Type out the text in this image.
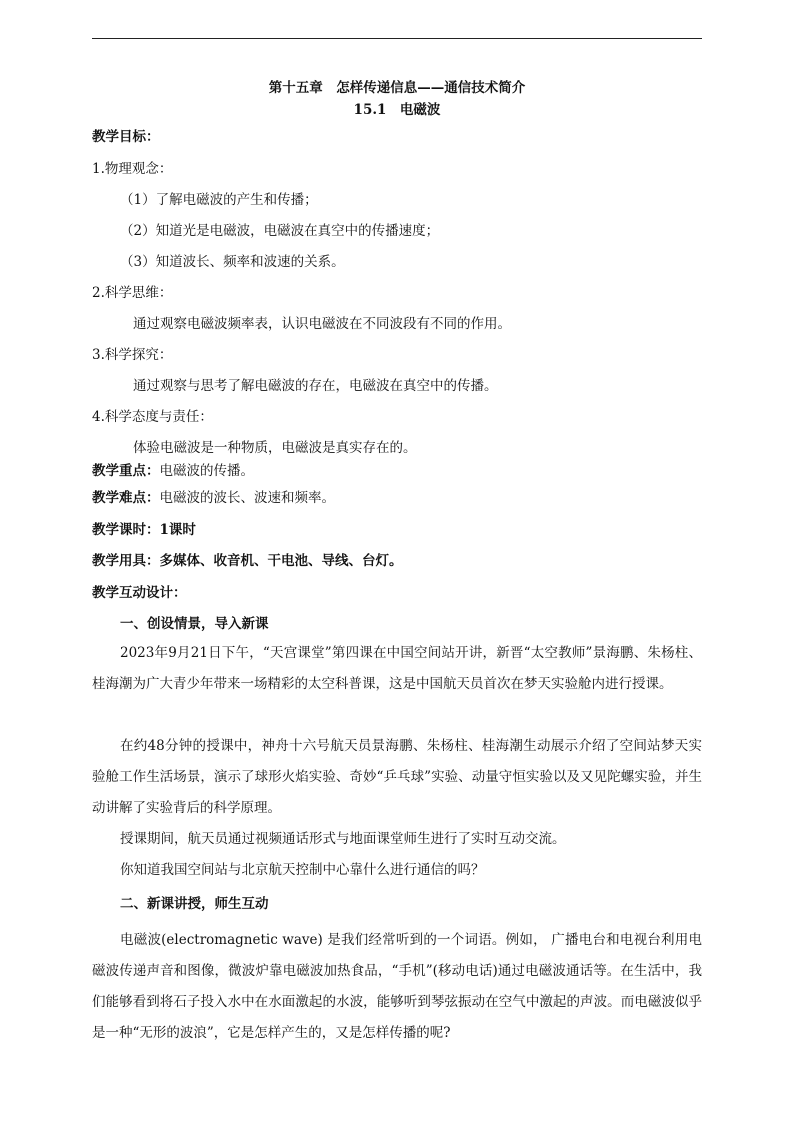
第十五章　怎样传递信息——通信技术简介
15.1　电磁波
教学目标：
1.物理观念：
（1）了解电磁波的产生和传播；
（2）知道光是电磁波，电磁波在真空中的传播速度；
（3）知道波长、频率和波速的关系。
2.科学思维：
通过观察电磁波频率表，认识电磁波在不同波段有不同的作用。
3.科学探究：
通过观察与思考了解电磁波的存在，电磁波在真空中的传播。
4.科学态度与责任：
体验电磁波是一种物质，电磁波是真实存在的。
教学重点：电磁波的传播。
教学难点：电磁波的波长、波速和频率。
教学课时：1课时
教学用具：多媒体、收音机、干电池、导线、台灯。
教学互动设计：
一、创设情景，导入新课
2023年9月21日下午，“天宫课堂”第四课在中国空间站开讲，新晋“太空教师”景海鹏、朱杨柱、桂海潮为广大青少年带来一场精彩的太空科普课，这是中国航天员首次在梦天实验舱内进行授课。
在约48分钟的授课中，神舟十六号航天员景海鹏、朱杨柱、桂海潮生动展示介绍了空间站梦天实验舱工作生活场景，演示了球形火焰实验、奇妙“乒乓球”实验、动量守恒实验以及又见陀螺实验，并生动讲解了实验背后的科学原理。
授课期间，航天员通过视频通话形式与地面课堂师生进行了实时互动交流。
你知道我国空间站与北京航天控制中心靠什么进行通信的吗？
二、新课讲授，师生互动
电磁波(electromagnetic wave) 是我们经常听到的一个词语。例如， 广播电台和电视台利用电磁波传递声音和图像，微波炉靠电磁波加热食品，“手机”(移动电话)通过电磁波通话等。在生活中，我们能够看到将石子投入水中在水面激起的水波，能够听到琴弦振动在空气中激起的声波。而电磁波似乎是一种“无形的波浪”，它是怎样产生的，又是怎样传播的呢?
